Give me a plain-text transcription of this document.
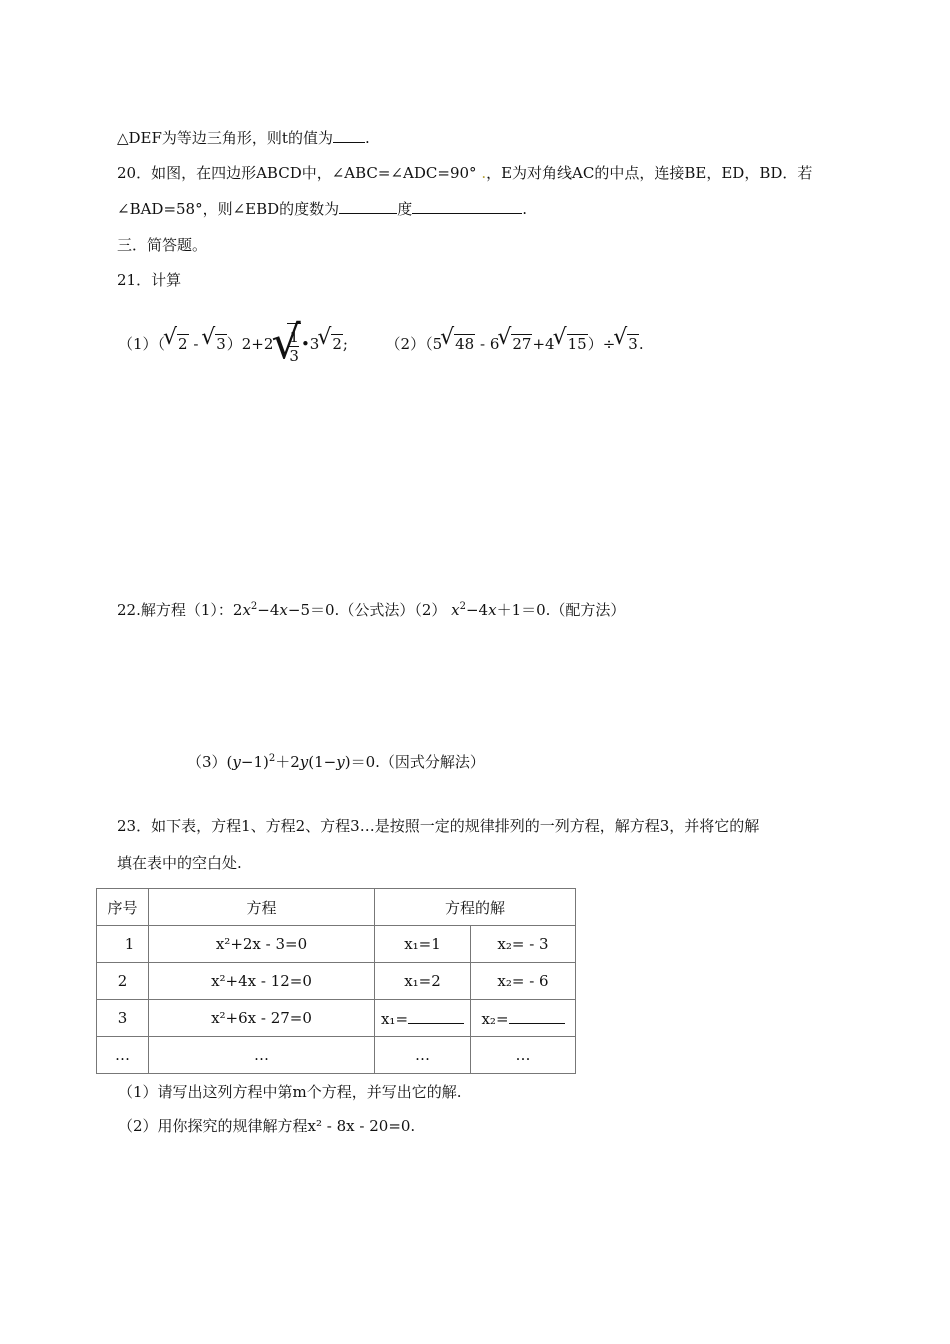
△DEF为等边三角形，则t的值为 .
20．如图，在四边形ABCD中，∠ABC=∠ADC=90° .，E为对角线AC的中点，连接BE，ED，BD．若
∠BAD=58°，则∠EBD的度数为	度	.
三．简答题。
21．计算
（1）（ √ 2 - √ 3）2+2 √ $\frac{1}{3}$ •3 √ 2;	（2）（5 √ 48 - 6 √ 27+4 √ 15）÷ √ 3.
22.解方程（1）：$2x^2-4x-5=0$.（公式法）（2） $x^2-4x+1=0$.（配方法）
$(3)(y-1)^2+2y(1-y)=0$.（因式分解法）
23．如下表，方程1、方程2、方程3…是按照一定的规律排列的一列方程，解方程3，并将它的解
填在表中的空白处.
序号	方程	方程的解	
1	x²+2x - 3=0	x₁=1	x₂= - 3
2	x²+4x - 12=0	x₁=2	x₂= - 6
3	x²+6x - 27=0	x₁=	x₂=
…	…	…	…
（1）请写出这列方程中第m个方程，并写出它的解.
（2）用你探究的规律解方程x² - 8x - 20=0.
